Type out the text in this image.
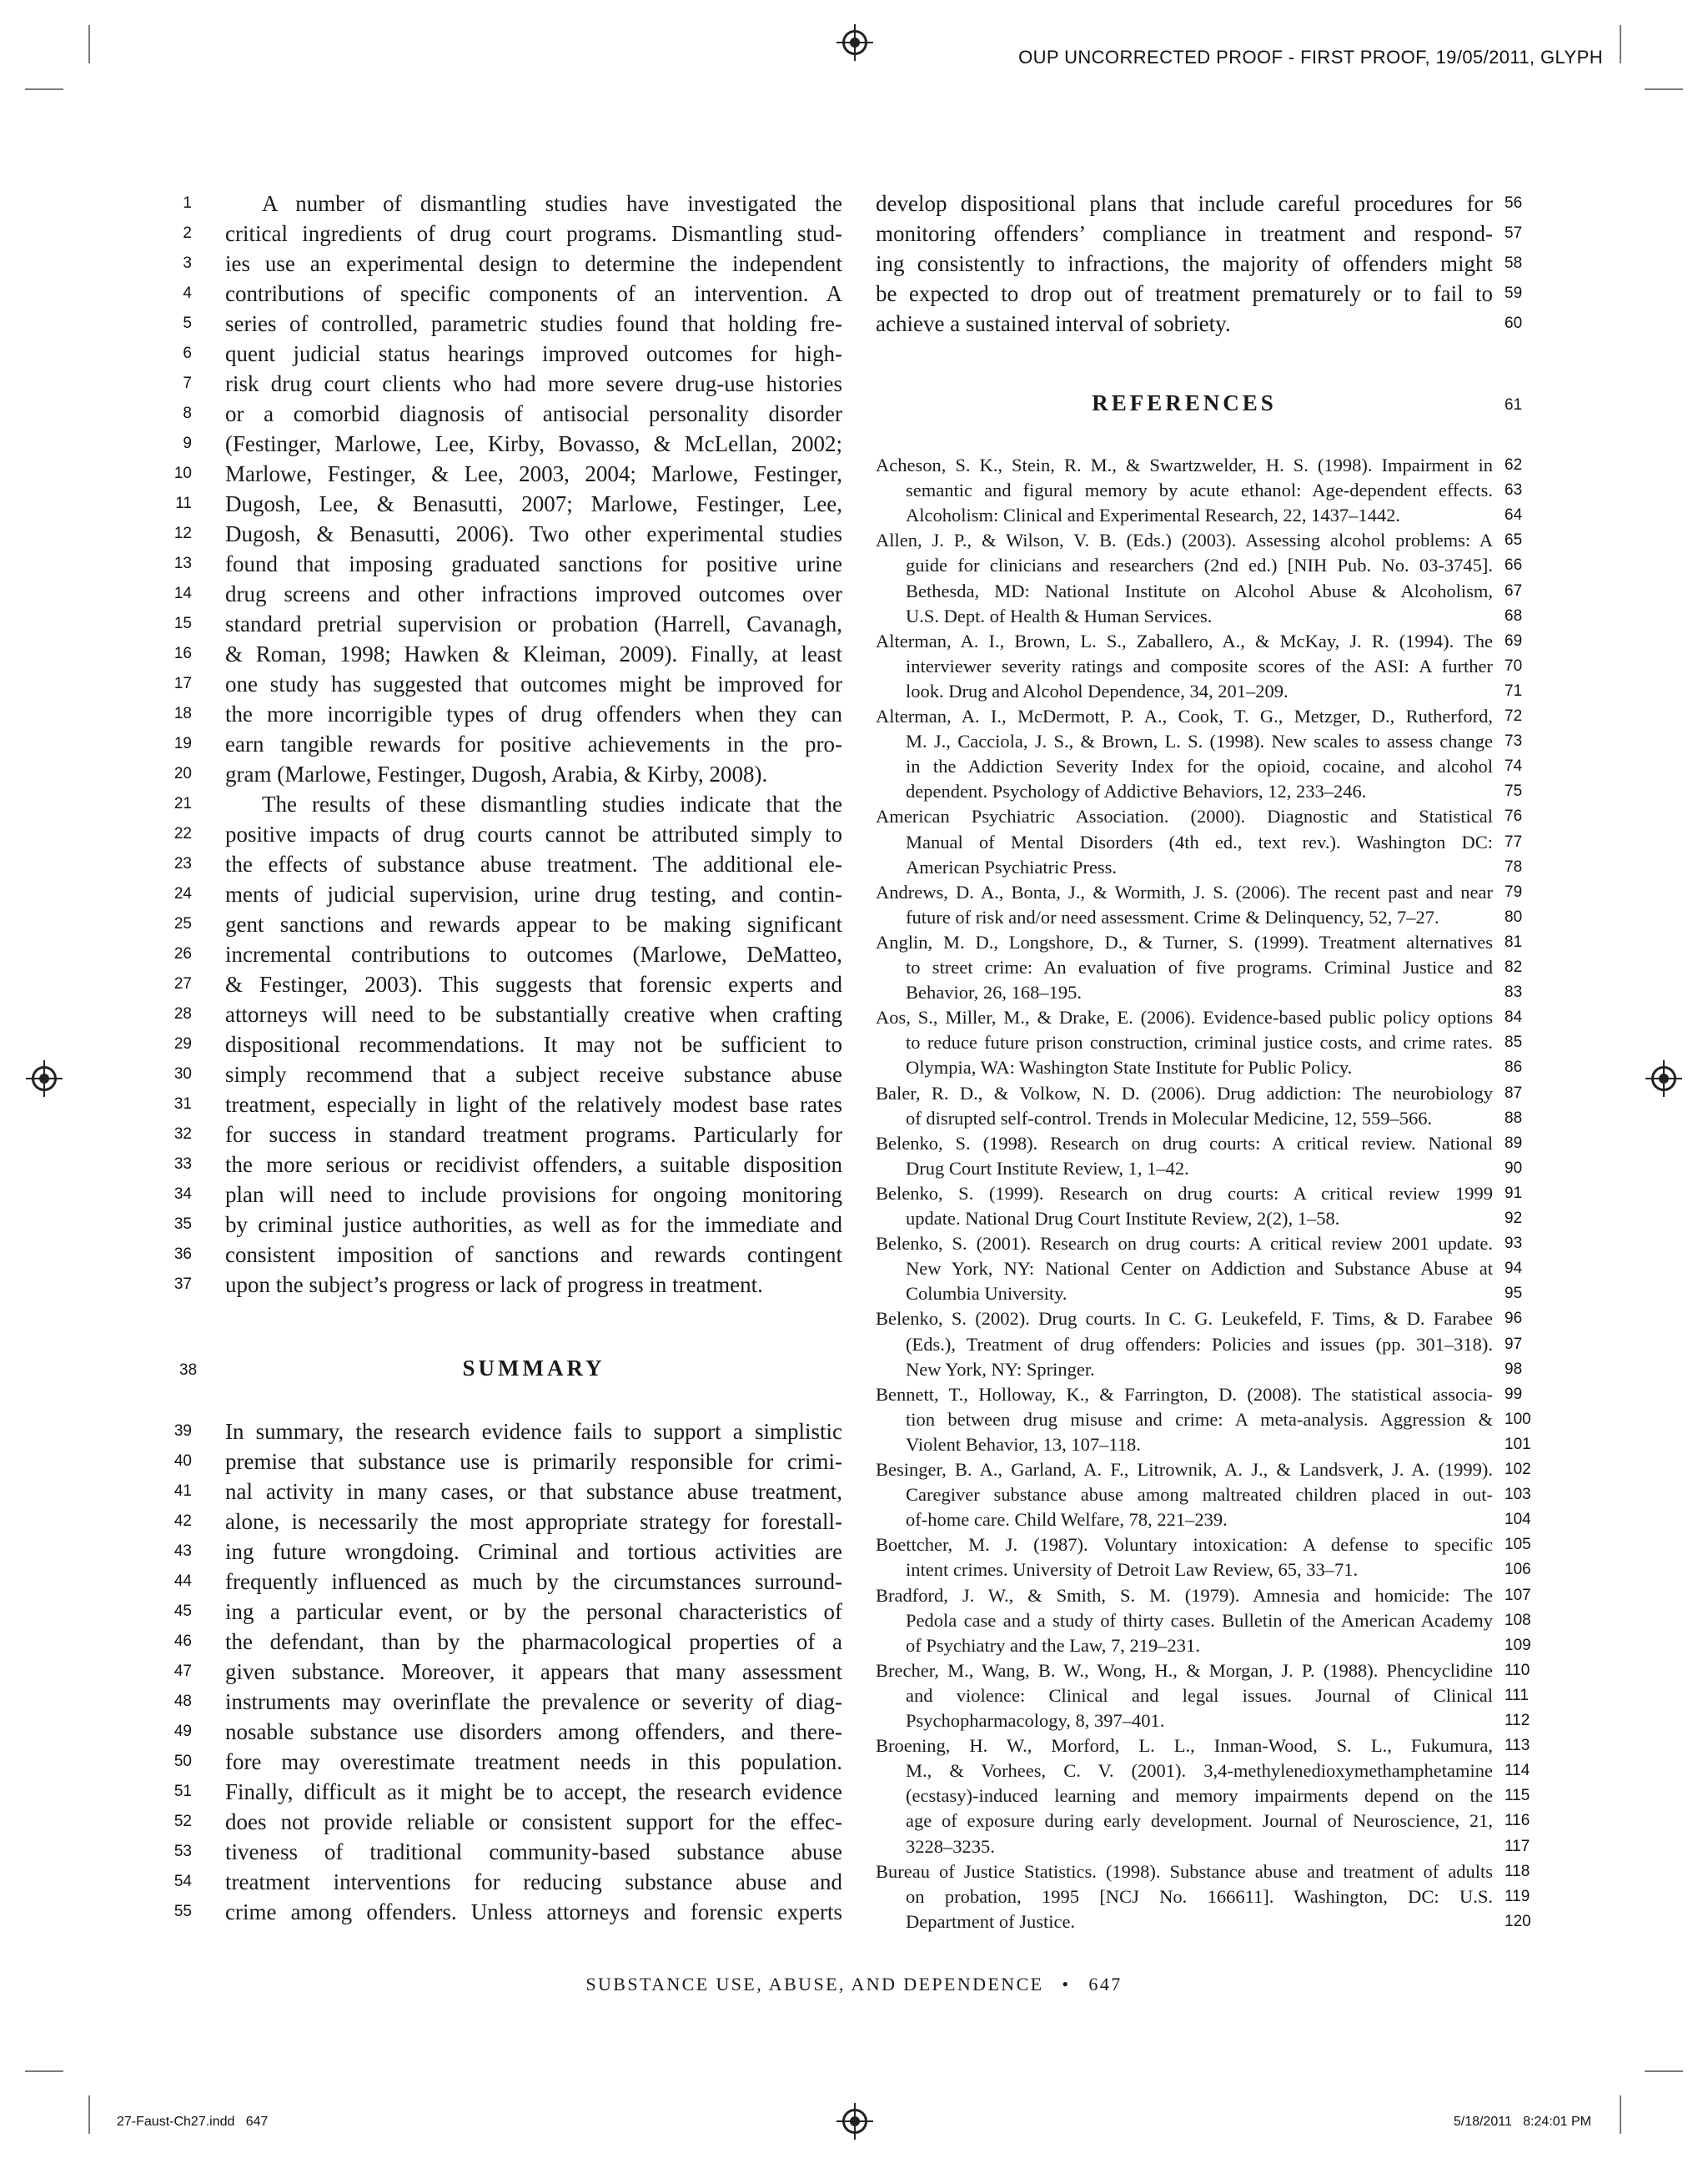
OUP UNCORRECTED PROOF - FIRST PROOF, 19/05/2011, GLYPH
38	SUMMARY
REFERENCES	61
SUBSTANCE USE, ABUSE, AND DEPENDENCE • 647
27-Faust-Ch27.indd   647	5/18/2011   8:24:01 PM
1	A number of dismantling studies have investigated the
2 critical ingredients of drug court programs. Dismantling stud-
3 ies use an experimental design to determine the independent
4 contributions of specific components of an intervention. A
5 series of controlled, parametric studies found that holding fre-
6 quent judicial status hearings improved outcomes for high-
7 risk drug court clients who had more severe drug-use histories
8 or a comorbid diagnosis of antisocial personality disorder
9 (Festinger, Marlowe, Lee, Kirby, Bovasso, & McLellan, 2002;
10 Marlowe, Festinger, & Lee, 2003, 2004; Marlowe, Festinger,
11 Dugosh, Lee, & Benasutti, 2007; Marlowe, Festinger, Lee,
12 Dugosh, & Benasutti, 2006). Two other experimental studies
13 found that imposing graduated sanctions for positive urine
14 drug screens and other infractions improved outcomes over
15 standard pretrial supervision or probation (Harrell, Cavanagh,
16 & Roman, 1998; Hawken & Kleiman, 2009). Finally, at least
17 one study has suggested that outcomes might be improved for
18 the more incorrigible types of drug offenders when they can
19 earn tangible rewards for positive achievements in the pro-
20 gram (Marlowe, Festinger, Dugosh, Arabia, & Kirby, 2008).
21	The results of these dismantling studies indicate that the
22 positive impacts of drug courts cannot be attributed simply to
23 the effects of substance abuse treatment. The additional ele-
24 ments of judicial supervision, urine drug testing, and contin-
25 gent sanctions and rewards appear to be making significant
26 incremental contributions to outcomes (Marlowe, DeMatteo,
27 & Festinger, 2003). This suggests that forensic experts and
28 attorneys will need to be substantially creative when crafting
29 dispositional recommendations. It may not be sufficient to
30 simply recommend that a subject receive substance abuse
31 treatment, especially in light of the relatively modest base rates
32 for success in standard treatment programs. Particularly for
33 the more serious or recidivist offenders, a suitable disposition
34 plan will need to include provisions for ongoing monitoring
35 by criminal justice authorities, as well as for the immediate and
36 consistent imposition of sanctions and rewards contingent
37 upon the subject’s progress or lack of progress in treatment.
39 In summary, the research evidence fails to support a simplistic
40 premise that substance use is primarily responsible for crimi-
41 nal activity in many cases, or that substance abuse treatment,
42 alone, is necessarily the most appropriate strategy for forestall-
43 ing future wrongdoing. Criminal and tortious activities are
44 frequently influenced as much by the circumstances surround-
45 ing a particular event, or by the personal characteristics of
46 the defendant, than by the pharmacological properties of a
47 given substance. Moreover, it appears that many assessment
48 instruments may overinflate the prevalence or severity of diag-
49 nosable substance use disorders among offenders, and there-
50 fore may overestimate treatment needs in this population.
51 Finally, difficult as it might be to accept, the research evidence
52 does not provide reliable or consistent support for the effec-
53 tiveness of traditional community-based substance abuse
54 treatment interventions for reducing substance abuse and
55 crime among offenders. Unless attorneys and forensic experts
56
develop dispositional plans that include careful procedures for
57
monitoring offenders’ compliance in treatment and respond-
58
ing consistently to infractions, the majority of offenders might
59
be expected to drop out of treatment prematurely or to fail to
60
achieve a sustained interval of sobriety.
62
Acheson, S. K., Stein, R. M., & Swartzwelder, H. S. (1998). Impairment in
63
semantic and figural memory by acute ethanol: Age-dependent effects.
64
Alcoholism: Clinical and Experimental Research, 22, 1437–1442.
65
Allen, J. P., & Wilson, V. B. (Eds.) (2003). Assessing alcohol problems: A
66
guide for clinicians and researchers (2nd ed.) [NIH Pub. No. 03-3745].
67
Bethesda, MD: National Institute on Alcohol Abuse & Alcoholism,
68
U.S. Dept. of Health & Human Services.
69
Alterman, A. I., Brown, L. S., Zaballero, A., & McKay, J. R. (1994). The
70
interviewer severity ratings and composite scores of the ASI: A further
71
look. Drug and Alcohol Dependence, 34, 201–209.
72
Alterman, A. I., McDermott, P. A., Cook, T. G., Metzger, D., Rutherford,
73
M. J., Cacciola, J. S., & Brown, L. S. (1998). New scales to assess change
74
in the Addiction Severity Index for the opioid, cocaine, and alcohol
75
dependent. Psychology of Addictive Behaviors, 12, 233–246.
76
American Psychiatric Association. (2000). Diagnostic and Statistical
77
Manual of Mental Disorders (4th ed., text rev.). Washington DC:
78
American Psychiatric Press.
79
Andrews, D. A., Bonta, J., & Wormith, J. S. (2006). The recent past and near
80
future of risk and/or need assessment. Crime & Delinquency, 52, 7–27.
81
Anglin, M. D., Longshore, D., & Turner, S. (1999). Treatment alternatives
82
to street crime: An evaluation of five programs. Criminal Justice and
83
Behavior, 26, 168–195.
84
Aos, S., Miller, M., & Drake, E. (2006). Evidence-based public policy options
85
to reduce future prison construction, criminal justice costs, and crime rates.
86
Olympia, WA: Washington State Institute for Public Policy.
87
Baler, R. D., & Volkow, N. D. (2006). Drug addiction: The neurobiology
88
of disrupted self-control. Trends in Molecular Medicine, 12, 559–566.
89
Belenko, S. (1998). Research on drug courts: A critical review. National
90
Drug Court Institute Review, 1, 1–42.
91
Belenko, S. (1999). Research on drug courts: A critical review 1999
92
update. National Drug Court Institute Review, 2(2), 1–58.
93
Belenko, S. (2001). Research on drug courts: A critical review 2001 update.
94
New York, NY: National Center on Addiction and Substance Abuse at
95
Columbia University.
96
Belenko, S. (2002). Drug courts. In C. G. Leukefeld, F. Tims, & D. Farabee
97
(Eds.), Treatment of drug offenders: Policies and issues (pp. 301–318).
98
New York, NY: Springer.
99
Bennett, T., Holloway, K., & Farrington, D. (2008). The statistical associa-
100
tion between drug misuse and crime: A meta-analysis. Aggression &
101
Violent Behavior, 13, 107–118.
102
Besinger, B. A., Garland, A. F., Litrownik, A. J., & Landsverk, J. A. (1999).
103
Caregiver substance abuse among maltreated children placed in out-
104
of-home care. Child Welfare, 78, 221–239.
105
Boettcher, M. J. (1987). Voluntary intoxication: A defense to specific
106
intent crimes. University of Detroit Law Review, 65, 33–71.
107
Bradford, J. W., & Smith, S. M. (1979). Amnesia and homicide: The
108
Pedola case and a study of thirty cases. Bulletin of the American Academy
109
of Psychiatry and the Law, 7, 219–231.
110
Brecher, M., Wang, B. W., Wong, H., & Morgan, J. P. (1988). Phencyclidine
111
and violence: Clinical and legal issues. Journal of Clinical
112
Psychopharmacology, 8, 397–401.
113
Broening, H. W., Morford, L. L., Inman-Wood, S. L., Fukumura,
114
M., & Vorhees, C. V. (2001). 3,4-methylenedioxymethamphetamine
115
(ecstasy)-induced learning and memory impairments depend on the
116
age of exposure during early development. Journal of Neuroscience, 21,
117
3228–3235.
118
Bureau of Justice Statistics. (1998). Substance abuse and treatment of adults
119
on probation, 1995 [NCJ No. 166611]. Washington, DC: U.S.
120
Department of Justice.
